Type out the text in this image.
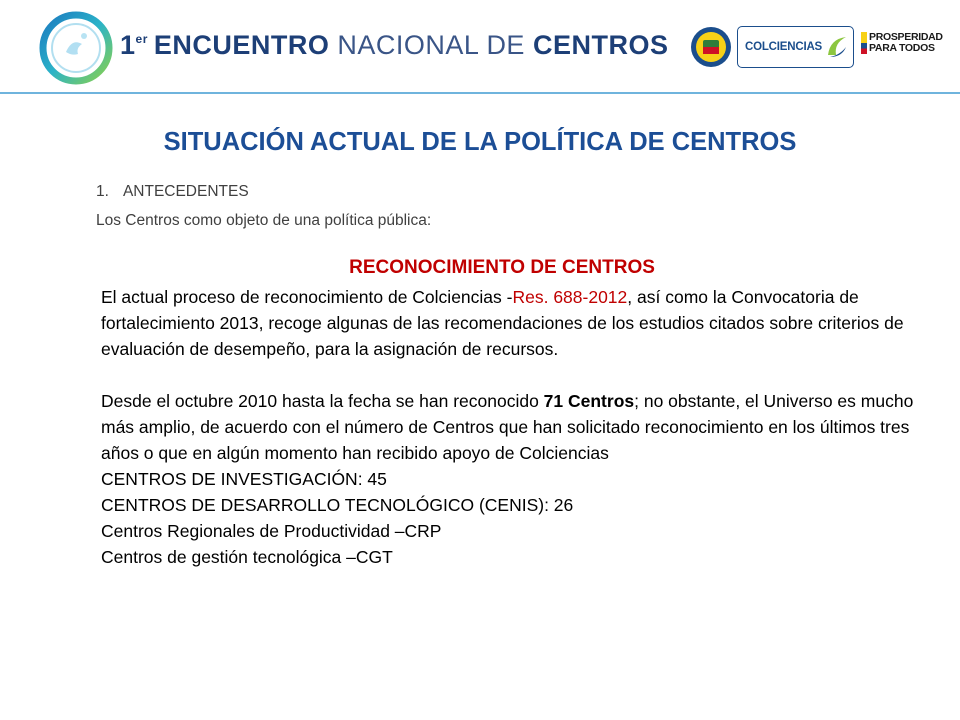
1er ENCUENTRO NACIONAL DE CENTROS	COLCIENCIAS
PROSPERIDAD
PARA TODOS
SITUACIÓN ACTUAL DE LA POLÍTICA DE CENTROS
1. ANTECEDENTES
Los Centros como objeto de una política pública:
RECONOCIMIENTO DE CENTROS

El actual proceso de reconocimiento de Colciencias -Res. 688-2012, así como la Convocatoria de fortalecimiento 2013, recoge algunas de las recomendaciones de los estudios citados sobre criterios de evaluación de desempeño, para la asignación de recursos.

Desde el octubre 2010 hasta la fecha se han reconocido 71 Centros; no obstante, el Universo es mucho más amplio, de acuerdo con el número de Centros que han solicitado reconocimiento en los últimos tres años o que en algún momento han recibido apoyo de Colciencias

CENTROS DE INVESTIGACIÓN: 45

CENTROS DE DESARROLLO TECNOLÓGICO (CENIS): 26

Centros Regionales de Productividad –CRP

Centros de gestión tecnológica –CGT
